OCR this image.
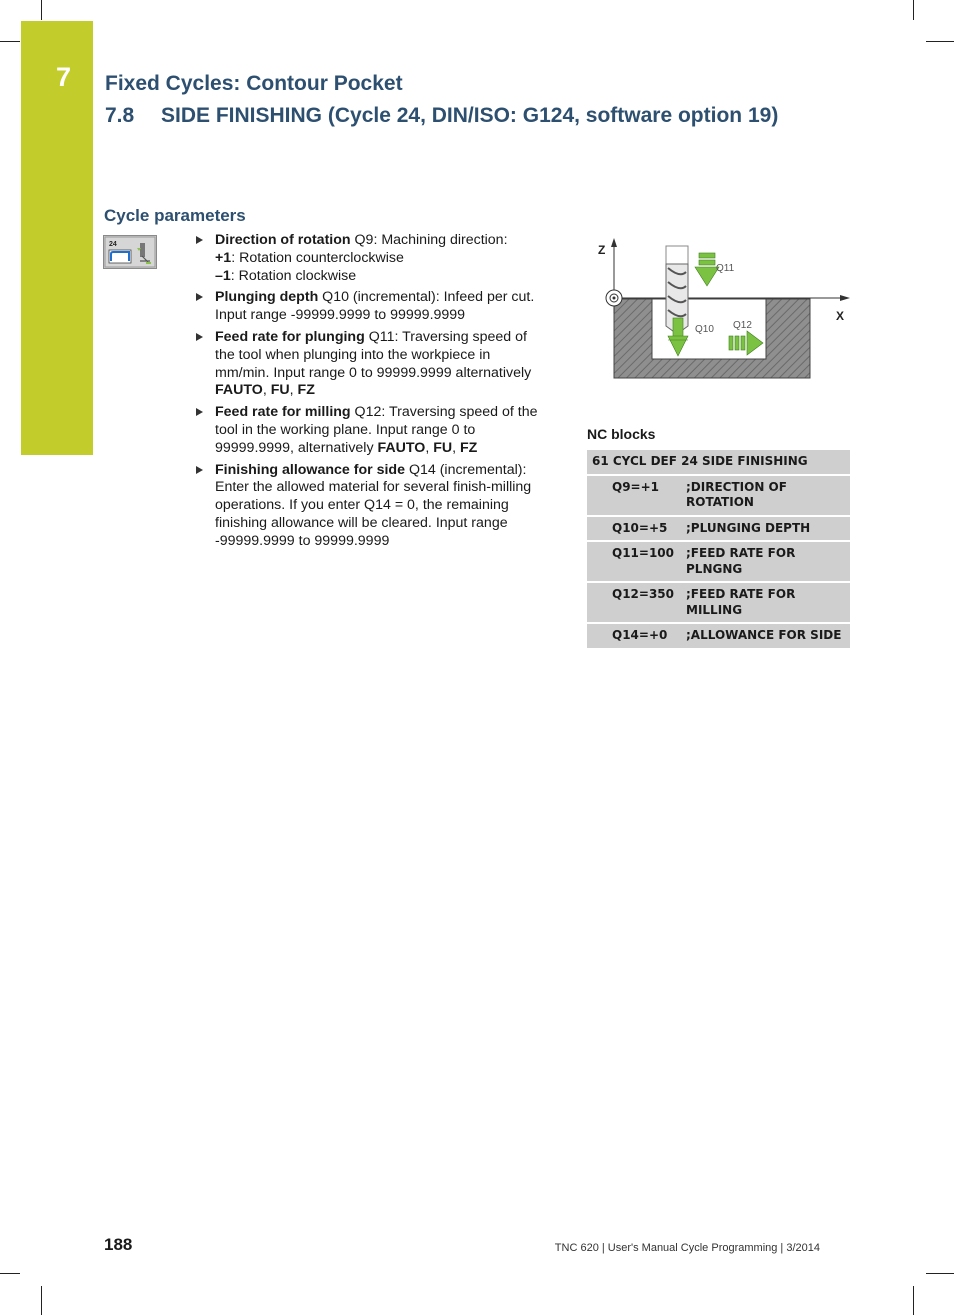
7 Fixed Cycles: Contour Pocket
7.8 SIDE FINISHING (Cycle 24, DIN/ISO: G124, software option 19)
Cycle parameters
24	Direction of rotation Q9: Machining direction:
+1: Rotation counterclockwise
–1: Rotation clockwise
Plunging depth Q10 (incremental): Infeed per cut. Input range -99999.9999 to 99999.9999
Feed rate for plunging Q11: Traversing speed of the tool when plunging into the workpiece in mm/min. Input range 0 to 99999.9999 alternatively FAUTO, FU, FZ
Feed rate for milling Q12: Traversing speed of the tool in the working plane. Input range 0 to 99999.9999, alternatively FAUTO, FU, FZ
Finishing allowance for side Q14 (incremental): Enter the allowed material for several finish-milling operations. If you enter Q14 = 0, the remaining finishing allowance will be cleared. Input range -99999.9999 to 99999.9999
Z
X
Q11
Q10 Q12
NC blocks
61 CYCL DEF 24 SIDE FINISHING
Q9=+1	;DIRECTION OF ROTATION
Q10=+5	;PLUNGING DEPTH
Q11=100 ;FEED RATE FOR PLNGNG
Q12=350 ;FEED RATE FOR MILLING
Q14=+0	;ALLOWANCE FOR SIDE
188	TNC 620 | User's Manual Cycle Programming | 3/2014
